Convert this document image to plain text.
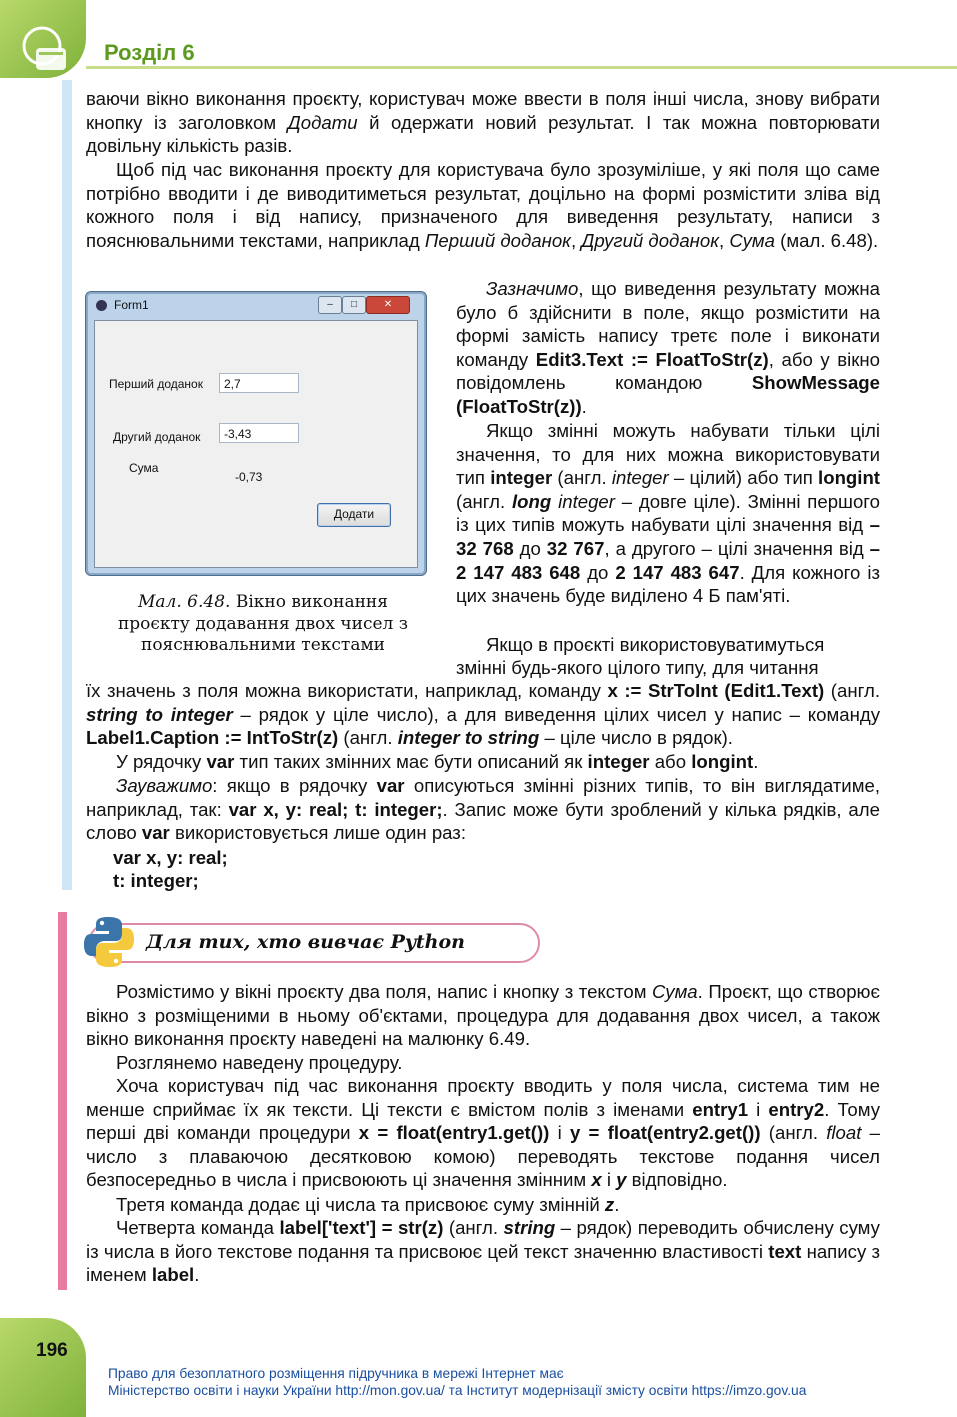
Розділ 6

ваючи вікно виконання проєкту, користувач може ввести в поля інші числа, знову вибрати кнопку із заголовком Додати й одержати новий результат. І так можна повторювати довільну кількість разів.

Щоб під час виконання проєкту для користувача було зрозуміліше, у які поля що саме потрібно вводити і де виводитиметься результат, доцільно на формі розмістити зліва від кожного поля і від напису, призначеного для виведення результату, написи з пояснювальними текстами, наприклад Перший доданок, Другий доданок, Сума (мал. 6.48).

Зазначимо, що виведення результату можна було б здійснити в поле, якщо розмістити на формі замість напису третє поле і виконати команду Edit3.Text := FloatToStr(z), або у вікно повідомлень командою ShowMessage (FloatToStr(z)).

Якщо змінні можуть набувати тільки цілі значення, то для них можна використовувати тип integer (англ. integer – цілий) або тип longint (англ. long integer – довге ціле). Змінні першого із цих типів можуть набувати цілі значення від –32 768 до 32 767, а другого – цілі значення від –2 147 483 648 до 2 147 483 647. Для кожного із цих значень буде виділено 4 Б пам'яті.

Якщо в проєкті використовуватимуться

змінні будь-якого цілого типу, для читання

їх значень з поля можна використати, наприклад, команду x := StrToInt (Edit1.Text) (англ. string to integer – рядок у ціле число), а для виведення цілих чисел у напис – команду Label1.Caption := IntToStr(z) (англ. integer to string – ціле число в рядок).

У рядочку var тип таких змінних має бути описаний як integer або longint.

Зауважимо: якщо в рядочку var описуються змінні різних типів, то він виглядатиме, наприклад, так: var x, y: real; t: integer;. Запис може бути зроблений у кілька рядків, але слово var використовується лише один раз:

var x, y: real;

t: integer;

Form1	–	□	✕
Перший доданок	2,7
Другий доданок	-3,43
Сума
-0,73
Додати
Мал. 6.48. Вікно виконання проєкту додавання двох чисел з пояснювальними текстами
Для тих, хто вивчає Python

Розмістимо у вікні проєкту два поля, напис і кнопку з текстом Сума. Проєкт, що створює вікно з розміщеними в ньому об'єктами, процедура для додавання двох чисел, а також вікно виконання проєкту наведені на малюнку 6.49.

Розглянемо наведену процедуру.

Хоча користувач під час виконання проєкту вводить у поля числа, система тим не менше сприймає їх як тексти. Ці тексти є вмістом полів з іменами entry1 і entry2. Тому перші дві команди процедури x = float(entry1.get()) і y = float(entry2.get()) (англ. float – число з плаваючою десятковою комою) переводять текстове подання чисел безпосередньо в числа і присвоюють ці значення змінним x і y відповідно.

Третя команда додає ці числа та присвоює суму змінній z.

Четверта команда label['text'] = str(z) (англ. string – рядок) переводить обчислену суму із числа в його текстове подання та присвоює цей текст значенню властивості text напису з іменем label.

196
Право для безоплатного розміщення підручника в мережі Інтернет має
Міністерство освіти і науки України http://mon.gov.ua/ та Інститут модернізації змісту освіти https://imzo.gov.ua
